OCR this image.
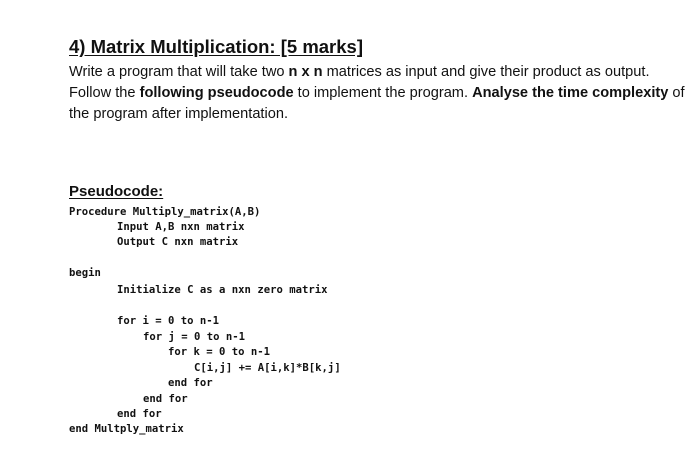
4) Matrix Multiplication: [5 marks]

Write a program that will take two n x n matrices as input and give their product as output. Follow the following pseudocode to implement the program. Analyse the time complexity of the program after implementation.

Pseudocode:
Procedure Multiply_matrix(A,B)
Input A,B nxn matrix
Output C nxn matrix
begin
Initialize C as a nxn zero matrix
for i = 0 to n-1
for j = 0 to n-1
for k = 0 to n-1
C[i,j] += A[i,k]*B[k,j]
end for
end for
end for
end Multply_matrix
